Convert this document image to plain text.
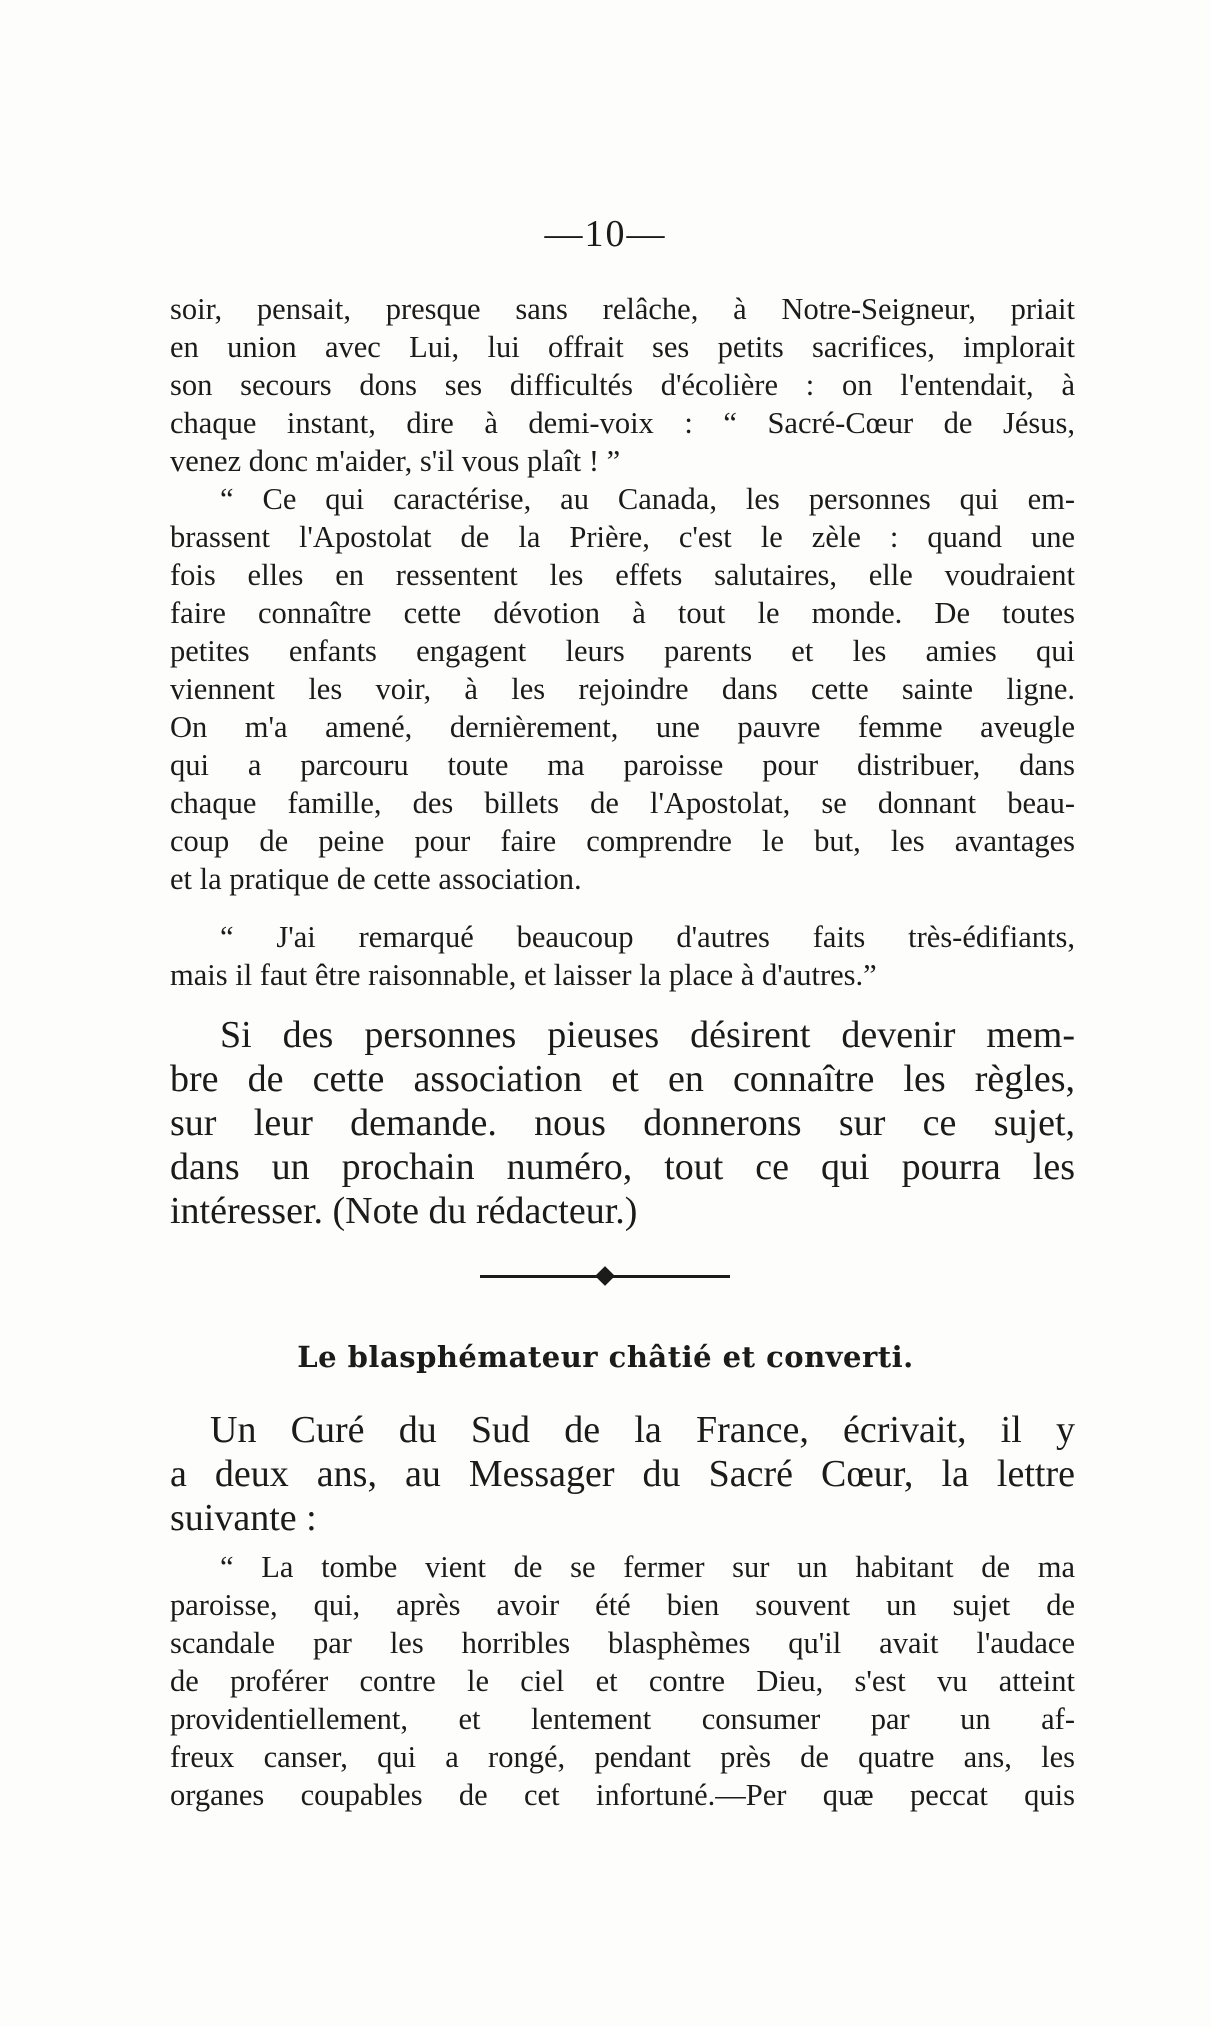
—10—
soir, pensait, presque sans relâche, à Notre-Seigneur, priait
en union avec Lui, lui offrait ses petits sacrifices, implorait
son secours dons ses difficultés d'écolière : on l'entendait, à
chaque instant, dire à demi-voix : “ Sacré-Cœur de Jésus,
venez donc m'aider, s'il vous plaît ! ”
“ Ce qui caractérise, au Canada, les personnes qui em-
brassent l'Apostolat de la Prière, c'est le zèle : quand une
fois elles en ressentent les effets salutaires, elle voudraient
faire connaître cette dévotion à tout le monde. De toutes
petites enfants engagent leurs parents et les amies qui
viennent les voir, à les rejoindre dans cette sainte ligne.
On m'a amené, dernièrement, une pauvre femme aveugle
qui a parcouru toute ma paroisse pour distribuer, dans
chaque famille, des billets de l'Apostolat, se donnant beau-
coup de peine pour faire comprendre le but, les avantages
et la pratique de cette association.
“ J'ai remarqué beaucoup d'autres faits très-édifiants,
mais il faut être raisonnable, et laisser la place à d'autres.”
Si des personnes pieuses désirent devenir mem-
bre de cette association et en connaître les règles,
sur leur demande. nous donnerons sur ce sujet,
dans un prochain numéro, tout ce qui pourra les
intéresser. (Note du rédacteur.)
Le blasphémateur châtié et converti.
Un Curé du Sud de la France, écrivait, il y
a deux ans, au Messager du Sacré Cœur, la lettre
suivante :
“ La tombe vient de se fermer sur un habitant de ma
paroisse, qui, après avoir été bien souvent un sujet de
scandale par les horribles blasphèmes qu'il avait l'audace
de proférer contre le ciel et contre Dieu, s'est vu atteint
providentiellement, et lentement consumer par un af-
freux canser, qui a rongé, pendant près de quatre ans, les
organes coupables de cet infortuné.—Per quæ peccat quis
